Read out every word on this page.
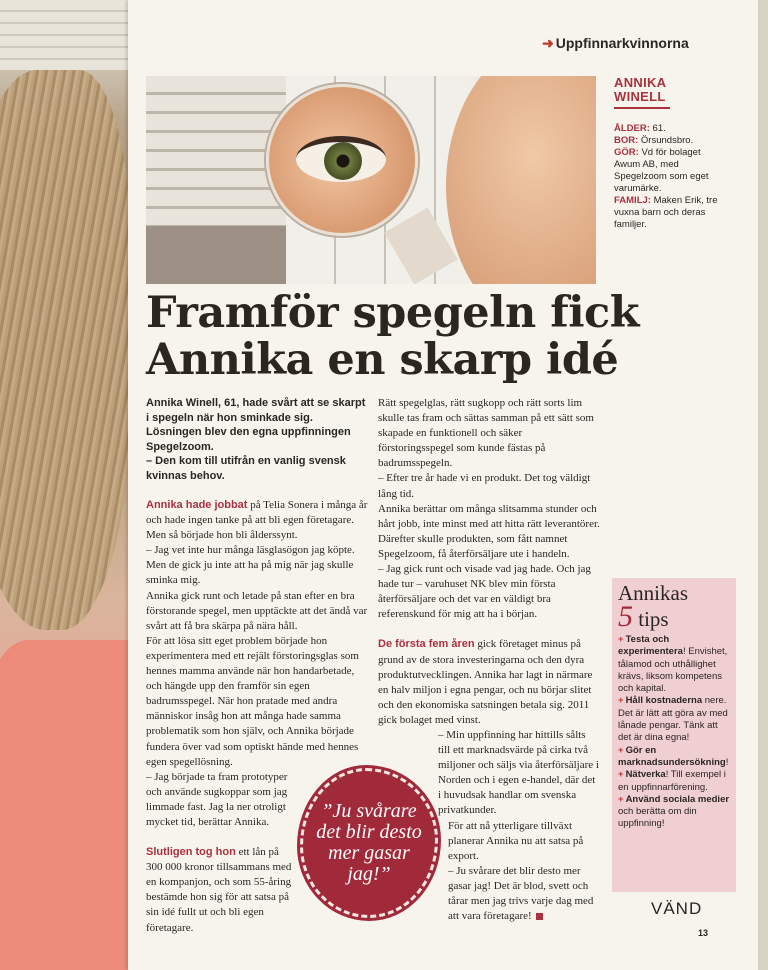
➜ Uppfinnarkvinnorna
ANNIKA
WINELL

ÅLDER: 61.

BOR: Örsundsbro.

GÖR: Vd för bolaget Awum AB, med Spegelzoom som eget varumärke.

FAMILJ: Maken Erik, tre vuxna barn och deras familjer.

Framför spegeln fick
Annika en skarp idé

Annika Winell, 61, hade svårt att se skarpt i spegeln när hon sminkade sig. Lösningen blev den egna uppfinningen Spegelzoom.

– Den kom till utifrån en vanlig svensk kvinnas behov.

Annika hade jobbat på Telia Sonera i många år och hade ingen tanke på att bli egen företagare. Men så började hon bli ålderssynt.

– Jag vet inte hur många läsglasögon jag köpte. Men de gick ju inte att ha på mig när jag skulle sminka mig.

Annika gick runt och letade på stan efter en bra förstorande spegel, men upptäckte att det ändå var svårt att få bra skärpa på nära håll.

För att lösa sitt eget problem började hon experimentera med ett rejält förstoringsglas som hennes mamma använde när hon handarbetade, och hängde upp den framför sin egen badrumsspegel. När hon pratade med andra människor insåg hon att många hade samma problematik som hon själv, och Annika började fundera över vad som optiskt hände med hennes egen spegellösning.

– Jag började ta fram prototyper och använde sugkoppar som jag limmade fast. Jag la ner otroligt mycket tid, berättar Annika.

Slutligen tog hon ett lån på 300 000 kronor tillsammans med en kompanjon, och som 55-åring bestämde hon sig för att satsa på sin idé fullt ut och bli egen företagare.

Rätt spegelglas, rätt sugkopp och rätt sorts lim skulle tas fram och sättas samman på ett sätt som skapade en funktionell och säker förstoringsspegel som kunde fästas på badrumsspegeln.

– Efter tre år hade vi en produkt. Det tog väldigt lång tid.

Annika berättar om många slitsamma stunder och hårt jobb, inte minst med att hitta rätt leverantörer.

Därefter skulle produkten, som fått namnet Spegelzoom, få återförsäljare ute i handeln.

– Jag gick runt och visade vad jag hade. Och jag hade tur – varuhuset NK blev min första återförsäljare och det var en väldigt bra referenskund för mig att ha i början.

De första fem åren gick företaget minus på grund av de stora investeringarna och den dyra produktutvecklingen. Annika har lagt in närmare en halv miljon i egna pengar, och nu börjar slitet och den ekonomiska satsningen betala sig. 2011 gick bolaget med vinst.

– Min uppfinning har hittills sålts till ett marknadsvärde på cirka två miljoner och säljs via återförsäljare i Norden och i egen e-handel, där det i huvudsak handlar om svenska privatkunder.

För att nå ytterligare tillväxt planerar Annika nu att satsa på export.

– Ju svårare det blir desto mer gasar jag! Det är blod, svett och tårar men jag trivs varje dag med att vara företagare!

”Ju svårare det blir desto mer gasar jag!”
Annikas
5 tips
+ Testa och experimentera! Envishet, tålamod och uthållighet krävs, liksom kompetens och kapital.
+ Håll kostnaderna nere. Det är lätt att göra av med lånade pengar. Tänk att det är dina egna!
+ Gör en marknadsundersökning!
+ Nätverka! Till exempel i en uppfinnarförening.
+ Använd sociala medier och berätta om din uppfinning!
VÄND
13
